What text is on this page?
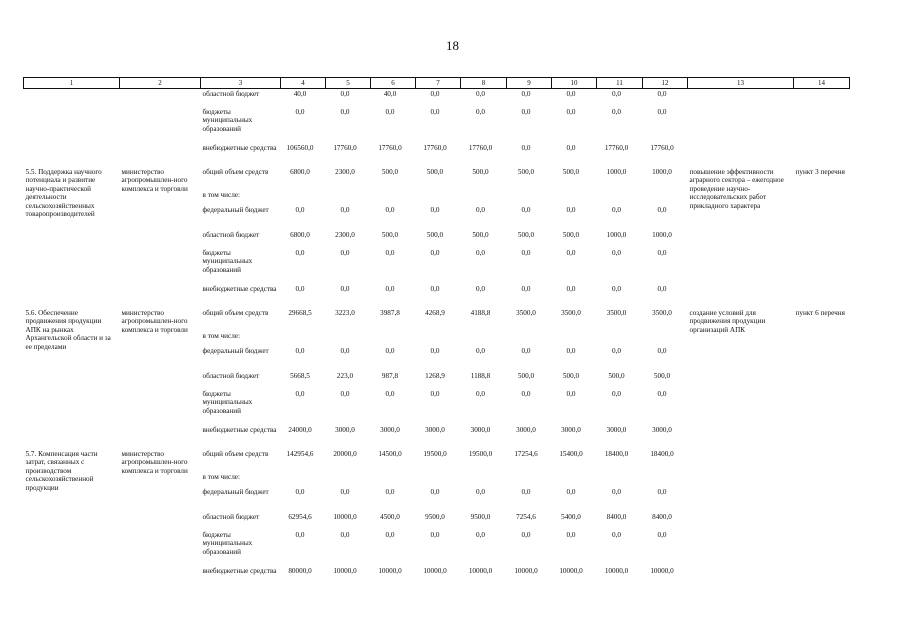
18
1	2	3	4	5	6	7	8	9	10	11	12	13	14
		областной бюджет	40,0	0,0	40,0	0,0	0,0	0,0	0,0	0,0	0,0		
		бюджеты муниципальных образований	0,0	0,0	0,0	0,0	0,0	0,0	0,0	0,0	0,0		
		внебюджетные средства	106560,0	17760,0	17760,0	17760,0	17760,0	0,0	0,0	17760,0	17760,0		
5.5. Поддержка научного потенциала и развитие научно-практической деятельности сельскохозяйственных товаропроизводителей	министерство агропромышлен-ного комплекса и торговли	общий объем средств	6800,0	2300,0	500,0	500,0	500,0	500,0	500,0	1000,0	1000,0	повышение эффективности аграрного сектора – ежегодное проведение научно-исследовательских работ прикладного характера	пункт 3 перечня
		в том числе:											
		федеральный бюджет	0,0	0,0	0,0	0,0	0,0	0,0	0,0	0,0	0,0		
		областной бюджет	6800,0	2300,0	500,0	500,0	500,0	500,0	500,0	1000,0	1000,0		
		бюджеты муниципальных образований	0,0	0,0	0,0	0,0	0,0	0,0	0,0	0,0	0,0		
		внебюджетные средства	0,0	0,0	0,0	0,0	0,0	0,0	0,0	0,0	0,0		
5.6. Обеспечение продвижения продукции АПК на рынках Архангельской области и за ее пределами	министерство агропромышлен-ного комплекса и торговли	общий объем средств	29668,5	3223,0	3987,8	4268,9	4188,8	3500,0	3500,0	3500,0	3500,0	создание условий для продвижения продукции организаций АПК	пункт 6 перечня
		в том числе:											
		федеральный бюджет	0,0	0,0	0,0	0,0	0,0	0,0	0,0	0,0	0,0		
		областной бюджет	5668,5	223,0	987,8	1268,9	1188,8	500,0	500,0	500,0	500,0		
		бюджеты муниципальных образований	0,0	0,0	0,0	0,0	0,0	0,0	0,0	0,0	0,0		
		внебюджетные средства	24000,0	3000,0	3000,0	3000,0	3000,0	3000,0	3000,0	3000,0	3000,0		
5.7. Компенсация части затрат, связанных с производством сельскохозяйственной продукции	министерство агропромышлен-ного комплекса и торговли	общий объем средств	142954,6	20000,0	14500,0	19500,0	19500,0	17254,6	15400,0	18400,0	18400,0		
		в том числе:											
		федеральный бюджет	0,0	0,0	0,0	0,0	0,0	0,0	0,0	0,0	0,0		
		областной бюджет	62954,6	10000,0	4500,0	9500,0	9500,0	7254,6	5400,0	8400,0	8400,0		
		бюджеты муниципальных образований	0,0	0,0	0,0	0,0	0,0	0,0	0,0	0,0	0,0		
		внебюджетные средства	80000,0	10000,0	10000,0	10000,0	10000,0	10000,0	10000,0	10000,0	10000,0		
